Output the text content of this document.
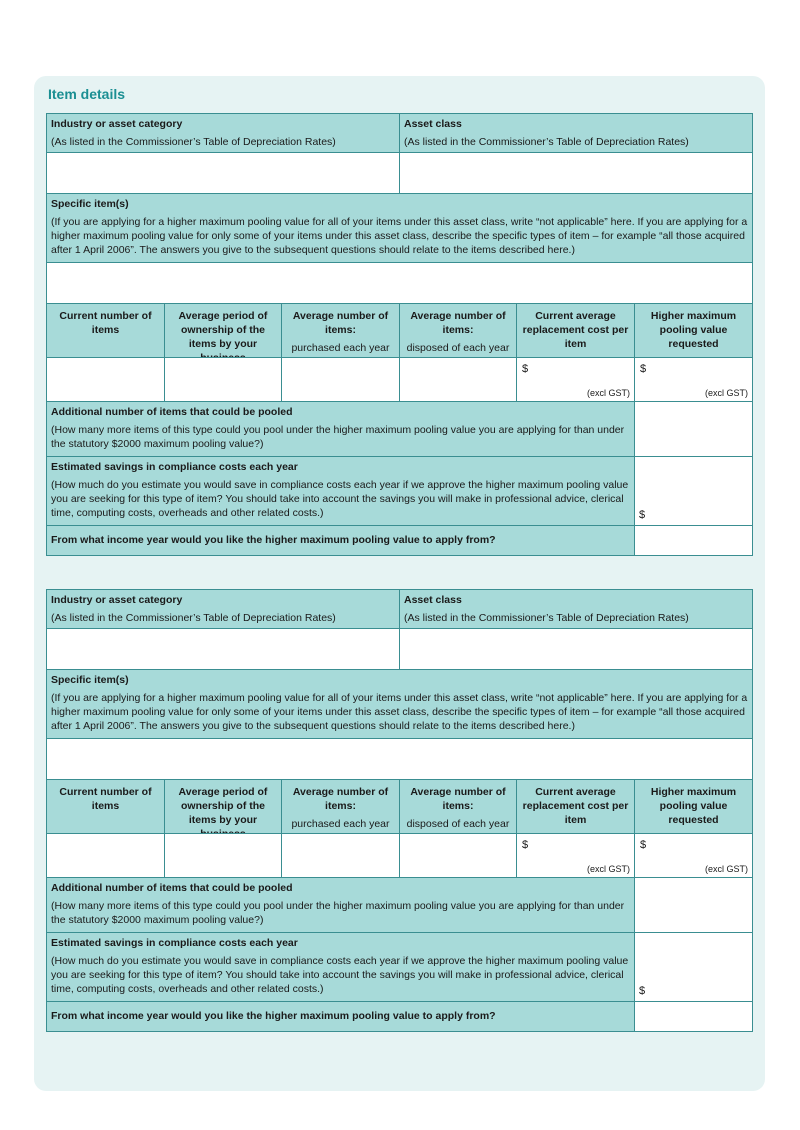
Item details
Industry or asset category
(As listed in the Commissioner’s Table of Depreciation Rates)
Asset class
(As listed in the Commissioner’s Table of Depreciation Rates)
Specific item(s)
(If you are applying for a higher maximum pooling value for all of your items under this asset class, write “not applicable” here. If you are applying for a higher maximum pooling value for only some of your items under this asset class, describe the specific types of item – for example “all those acquired after 1 April 2006”. The answers you give to the subsequent questions should relate to the items described here.)
Current number of items
Average period of ownership of the items by your
Average number of items:
purchased each year
Average number of items:
disposed of each year
Current average replacement cost per item
Higher maximum pooling value requested
$
(excl GST)
$
(excl GST)
Additional number of items that could be pooled
(How many more items of this type could you pool under the higher maximum pooling value you are applying for than under the statutory $2000 maximum pooling value?)
Estimated savings in compliance costs each year
(How much do you estimate you would save in compliance costs each year if we approve the higher maximum pooling value you are seeking for this type of item? You should take into account the savings you will make in professional advice, clerical time, computing costs, overheads and other related costs.)	$
From what income year would you like the higher maximum pooling value to apply from?
Industry or asset category
(As listed in the Commissioner’s Table of Depreciation Rates)
Asset class
(As listed in the Commissioner’s Table of Depreciation Rates)
Specific item(s)
(If you are applying for a higher maximum pooling value for all of your items under this asset class, write “not applicable” here. If you are applying for a higher maximum pooling value for only some of your items under this asset class, describe the specific types of item – for example “all those acquired after 1 April 2006”. The answers you give to the subsequent questions should relate to the items described here.)
Current number of items
Average period of ownership of the items by your
Average number of items:
purchased each year
Average number of items:
disposed of each year
Current average replacement cost per item
Higher maximum pooling value requested
$
(excl GST)
$
(excl GST)
Additional number of items that could be pooled
(How many more items of this type could you pool under the higher maximum pooling value you are applying for than under the statutory $2000 maximum pooling value?)
Estimated savings in compliance costs each year
(How much do you estimate you would save in compliance costs each year if we approve the higher maximum pooling value you are seeking for this type of item? You should take into account the savings you will make in professional advice, clerical time, computing costs, overheads and other related costs.)	$
From what income year would you like the higher maximum pooling value to apply from?
